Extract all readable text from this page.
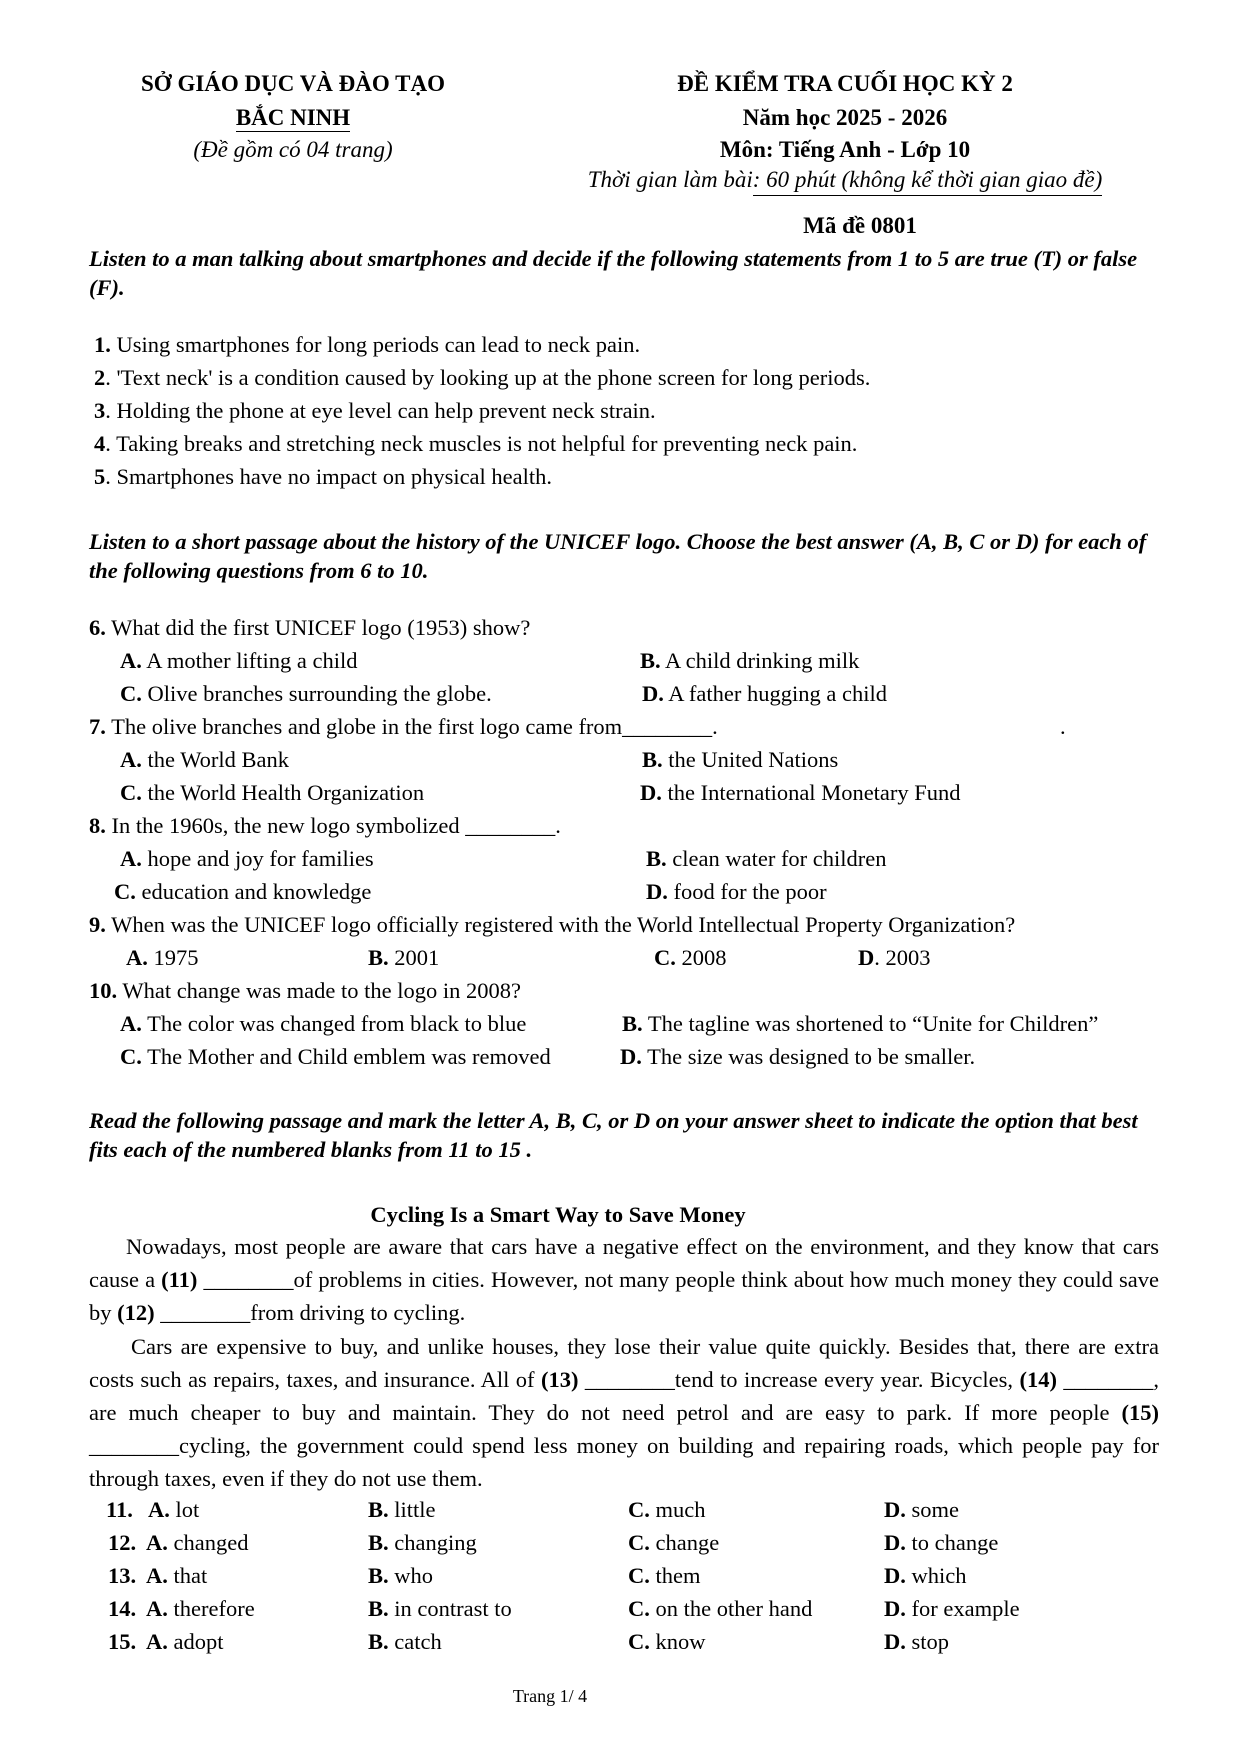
SỞ GIÁO DỤC VÀ ĐÀO TẠO
BẮC NINH
(Đề gồm có 04 trang)
ĐỀ KIỂM TRA CUỐI HỌC KỲ 2
Năm học 2025 - 2026
Môn: Tiếng Anh - Lớp 10
Thời gian làm bài: 60 phút (không kể thời gian giao đề)
Mã đề 0801
Listen to a man talking about smartphones and decide if the following statements from 1 to 5 are true (T) or false (F).
1. Using smartphones for long periods can lead to neck pain.
2. 'Text neck' is a condition caused by looking up at the phone screen for long periods.
3. Holding the phone at eye level can help prevent neck strain.
4. Taking breaks and stretching neck muscles is not helpful for preventing neck pain.
5. Smartphones have no impact on physical health.
Listen to a short passage about the history of the UNICEF logo. Choose the best answer (A, B, C or D) for each of the following questions from 6 to 10.
6. What did the first UNICEF logo (1953) show?
A. A mother lifting a child	B. A child drinking milk
C. Olive branches surrounding the globe.	D. A father hugging a child
7. The olive branches and globe in the first logo came from________.	.
A. the World Bank	B. the United Nations
C. the World Health Organization	D. the International Monetary Fund
8. In the 1960s, the new logo symbolized ________.
A. hope and joy for families	B. clean water for children
C. education and knowledge	D. food for the poor
9. When was the UNICEF logo officially registered with the World Intellectual Property Organization?
A. 1975	B. 2001	C. 2008	D. 2003
10. What change was made to the logo in 2008?
A. The color was changed from black to blue	B. The tagline was shortened to “Unite for Children”
C. The Mother and Child emblem was removed	D. The size was designed to be smaller.
Read the following passage and mark the letter A, B, C, or D on your answer sheet to indicate the option that best fits each of the numbered blanks from 11 to 15 .
Cycling Is a Smart Way to Save Money

Nowadays, most people are aware that cars have a negative effect on the environment, and they know that cars cause a (11) ________of problems in cities. However, not many people think about how much money they could save by (12) ________from driving to cycling.

Cars are expensive to buy, and unlike houses, they lose their value quite quickly. Besides that, there are extra costs such as repairs, taxes, and insurance. All of (13) ________tend to increase every year. Bicycles, (14) ________, are much cheaper to buy and maintain. They do not need petrol and are easy to park. If more people (15) ________cycling, the government could spend less money on building and repairing roads, which people pay for through taxes, even if they do not use them.

11. A. lot	B. little	C. much	D. some
12. A. changed	B. changing	C. change	D. to change
13. A. that	B. who	C. them	D. which
14. A. therefore	B. in contrast to	C. on the other hand	D. for example
15. A. adopt	B. catch	C. know	D. stop
Trang 1/ 4
